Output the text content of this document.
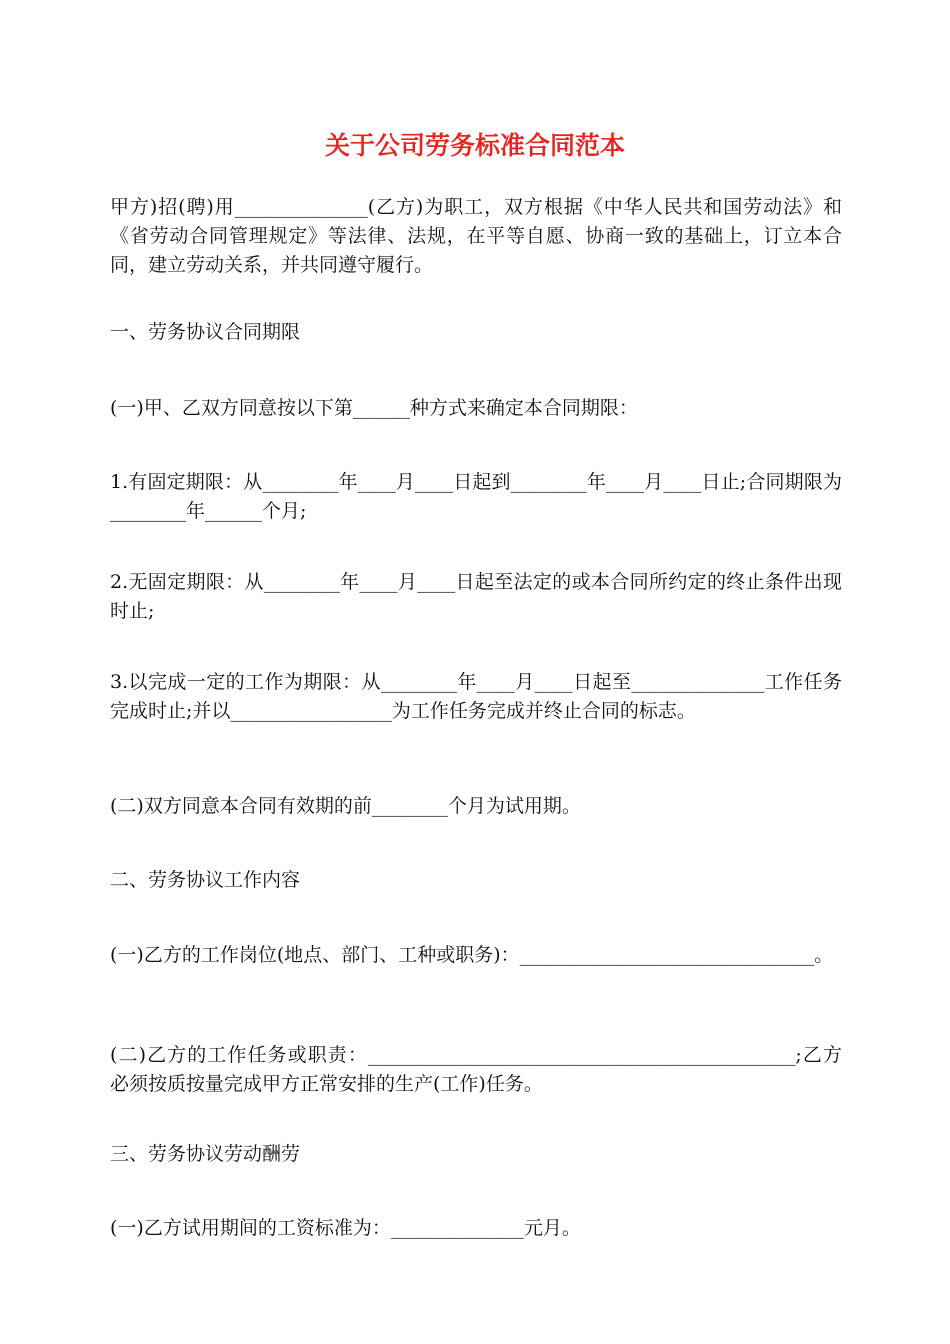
关于公司劳务标准合同范本

甲方)招(聘)用______________(乙方)为职工，双方根据《中华人民共和国劳动法》和《省劳动合同管理规定》等法律、法规，在平等自愿、协商一致的基础上，订立本合同，建立劳动关系，并共同遵守履行。

一、劳务协议合同期限

(一)甲、乙双方同意按以下第______种方式来确定本合同期限：

1.有固定期限：从________年____月____日起到________年____月____日止;合同期限为________年______个月;

2.无固定期限：从________年____月____日起至法定的或本合同所约定的终止条件出现时止;

3.以完成一定的工作为期限：从________年____月____日起至______________工作任务完成时止;并以_________________为工作任务完成并终止合同的标志。

(二)双方同意本合同有效期的前________个月为试用期。

二、劳务协议工作内容

(一)乙方的工作岗位(地点、部门、工种或职务)：_______________________________。

(二)乙方的工作任务或职责：_____________________________________________;乙方必须按质按量完成甲方正常安排的生产(工作)任务。

三、劳务协议劳动酬劳

(一)乙方试用期间的工资标准为：______________元月。
